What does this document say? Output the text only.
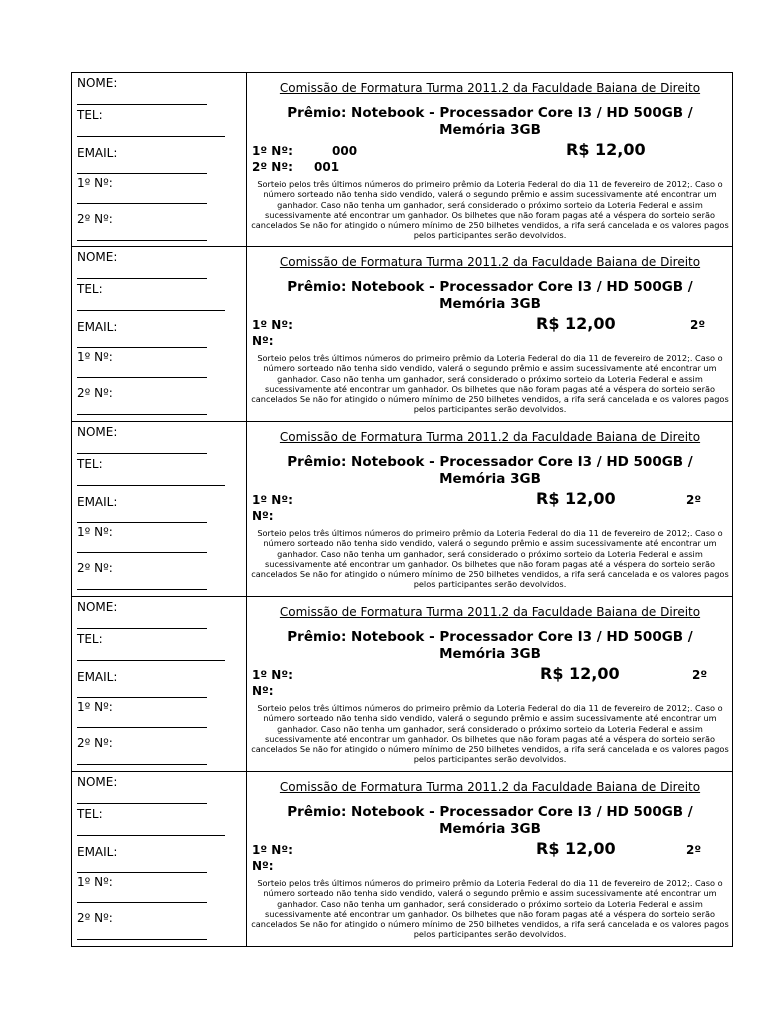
NOME:
TEL:
EMAIL:
1º Nº:
2º Nº:
Comissão de Formatura Turma 2011.2 da Faculdade Baiana de Direito
Prêmio: Notebook - Processador Core I3 / HD 500GB / Memória 3GB
1º Nº:	000
2º Nº: 001
R$ 12,00
Sorteio pelos três últimos números do primeiro prêmio da Loteria Federal do dia 11 de fevereiro de 2012;. Caso o número sorteado não tenha sido vendido, valerá o segundo prêmio e assim sucessivamente até encontrar um ganhador. Caso não tenha um ganhador, será considerado o próximo sorteio da Loteria Federal e assim sucessivamente até encontrar um ganhador. Os bilhetes que não foram pagas até a véspera do sorteio serão cancelados Se não for atingido o número mínimo de 250 bilhetes vendidos, a rifa será cancelada e os valores pagos pelos participantes serão devolvidos.
NOME:
TEL:
EMAIL:
1º Nº:
2º Nº:
Comissão de Formatura Turma 2011.2 da Faculdade Baiana de Direito
Prêmio: Notebook - Processador Core I3 / HD 500GB / Memória 3GB
1º Nº:
Nº:
R$ 12,00	2º
Sorteio pelos três últimos números do primeiro prêmio da Loteria Federal do dia 11 de fevereiro de 2012;. Caso o número sorteado não tenha sido vendido, valerá o segundo prêmio e assim sucessivamente até encontrar um ganhador. Caso não tenha um ganhador, será considerado o próximo sorteio da Loteria Federal e assim sucessivamente até encontrar um ganhador. Os bilhetes que não foram pagas até a véspera do sorteio serão cancelados Se não for atingido o número mínimo de 250 bilhetes vendidos, a rifa será cancelada e os valores pagos pelos participantes serão devolvidos.
NOME:
TEL:
EMAIL:
1º Nº:
2º Nº:
Comissão de Formatura Turma 2011.2 da Faculdade Baiana de Direito
Prêmio: Notebook - Processador Core I3 / HD 500GB / Memória 3GB
1º Nº:
Nº:
R$ 12,00	2º
Sorteio pelos três últimos números do primeiro prêmio da Loteria Federal do dia 11 de fevereiro de 2012;. Caso o número sorteado não tenha sido vendido, valerá o segundo prêmio e assim sucessivamente até encontrar um ganhador. Caso não tenha um ganhador, será considerado o próximo sorteio da Loteria Federal e assim sucessivamente até encontrar um ganhador. Os bilhetes que não foram pagas até a véspera do sorteio serão cancelados Se não for atingido o número mínimo de 250 bilhetes vendidos, a rifa será cancelada e os valores pagos pelos participantes serão devolvidos.
NOME:
TEL:
EMAIL:
1º Nº:
2º Nº:
Comissão de Formatura Turma 2011.2 da Faculdade Baiana de Direito
Prêmio: Notebook - Processador Core I3 / HD 500GB / Memória 3GB
1º Nº:
Nº:
R$ 12,00	2º
Sorteio pelos três últimos números do primeiro prêmio da Loteria Federal do dia 11 de fevereiro de 2012;. Caso o número sorteado não tenha sido vendido, valerá o segundo prêmio e assim sucessivamente até encontrar um ganhador. Caso não tenha um ganhador, será considerado o próximo sorteio da Loteria Federal e assim sucessivamente até encontrar um ganhador. Os bilhetes que não foram pagas até a véspera do sorteio serão cancelados Se não for atingido o número mínimo de 250 bilhetes vendidos, a rifa será cancelada e os valores pagos pelos participantes serão devolvidos.
NOME:
TEL:
EMAIL:
1º Nº:
2º Nº:
Comissão de Formatura Turma 2011.2 da Faculdade Baiana de Direito
Prêmio: Notebook - Processador Core I3 / HD 500GB / Memória 3GB
1º Nº:
Nº:
R$ 12,00	2º
Sorteio pelos três últimos números do primeiro prêmio da Loteria Federal do dia 11 de fevereiro de 2012;. Caso o número sorteado não tenha sido vendido, valerá o segundo prêmio e assim sucessivamente até encontrar um ganhador. Caso não tenha um ganhador, será considerado o próximo sorteio da Loteria Federal e assim sucessivamente até encontrar um ganhador. Os bilhetes que não foram pagas até a véspera do sorteio serão cancelados Se não for atingido o número mínimo de 250 bilhetes vendidos, a rifa será cancelada e os valores pagos pelos participantes serão devolvidos.
